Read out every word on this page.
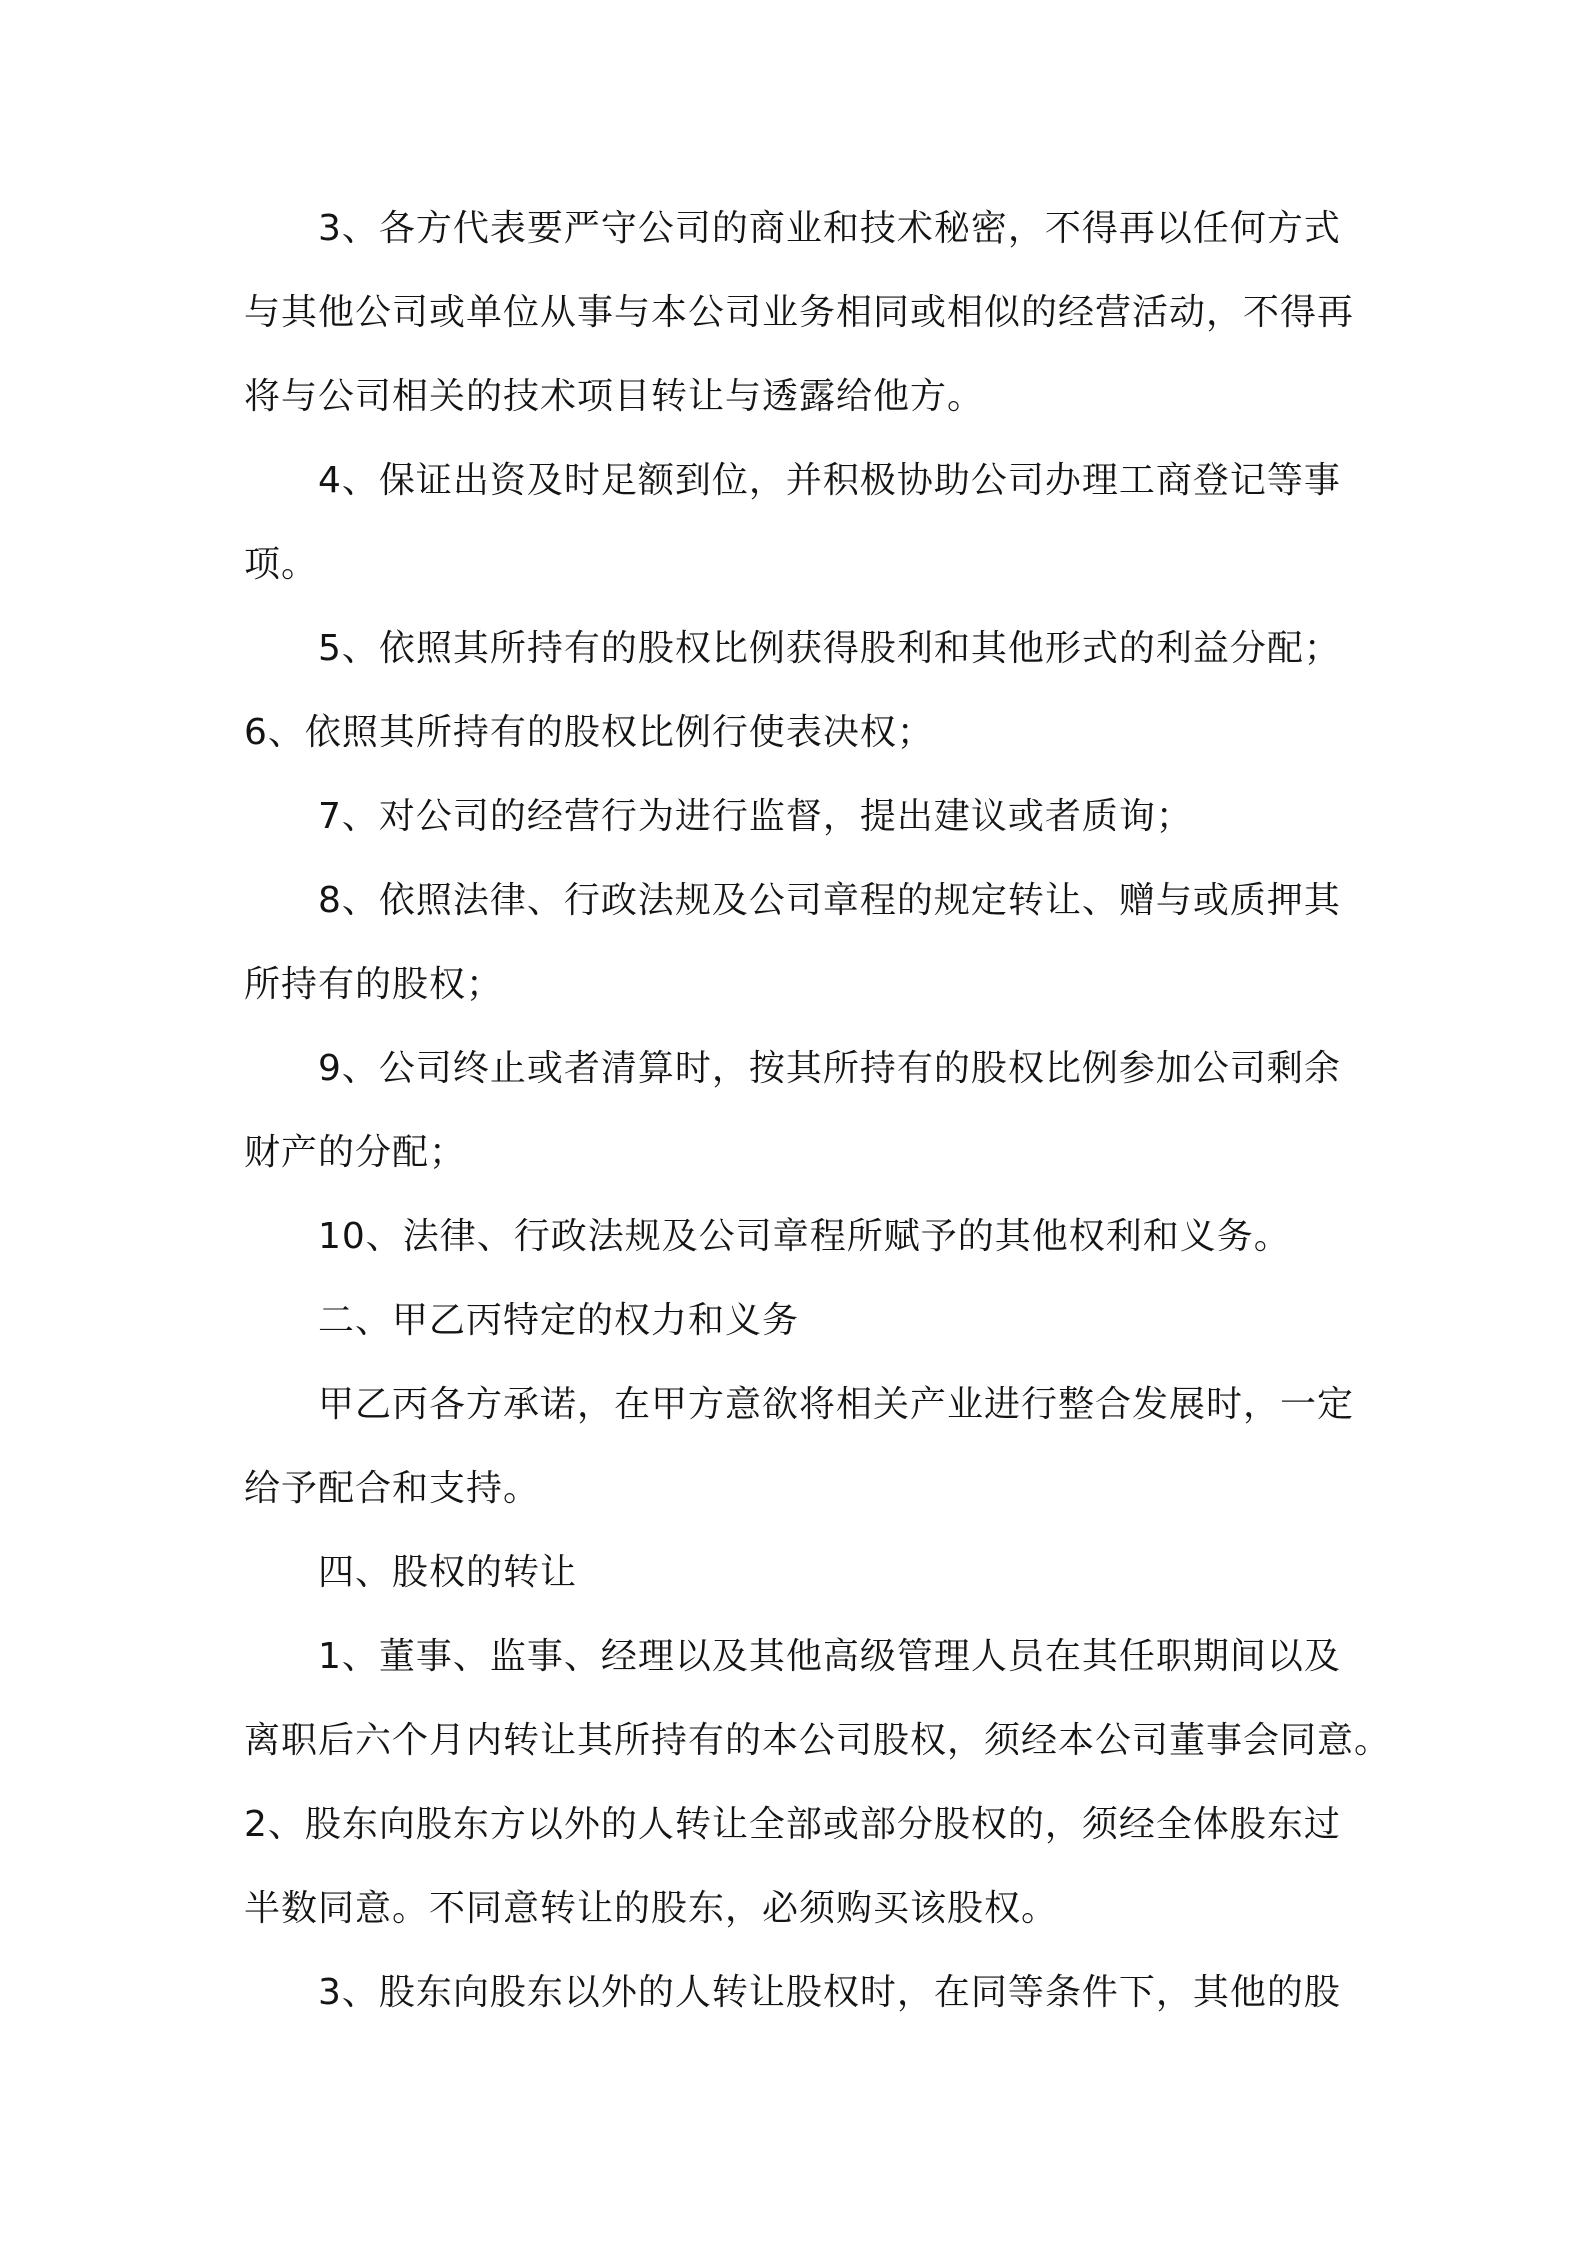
3、各方代表要严守公司的商业和技术秘密，不得再以任何方式
与其他公司或单位从事与本公司业务相同或相似的经营活动，不得再
将与公司相关的技术项目转让与透露给他方。
4、保证出资及时足额到位，并积极协助公司办理工商登记等事
项。
5、依照其所持有的股权比例获得股利和其他形式的利益分配；
6、依照其所持有的股权比例行使表决权；
7、对公司的经营行为进行监督，提出建议或者质询；
8、依照法律、行政法规及公司章程的规定转让、赠与或质押其
所持有的股权；
9、公司终止或者清算时，按其所持有的股权比例参加公司剩余
财产的分配；
10、法律、行政法规及公司章程所赋予的其他权利和义务。
二、甲乙丙特定的权力和义务
甲乙丙各方承诺，在甲方意欲将相关产业进行整合发展时，一定
给予配合和支持。
四、股权的转让
1、董事、监事、经理以及其他高级管理人员在其任职期间以及
离职后六个月内转让其所持有的本公司股权，须经本公司董事会同意。
2、股东向股东方以外的人转让全部或部分股权的，须经全体股东过
半数同意。不同意转让的股东，必须购买该股权。
3、股东向股东以外的人转让股权时，在同等条件下，其他的股
